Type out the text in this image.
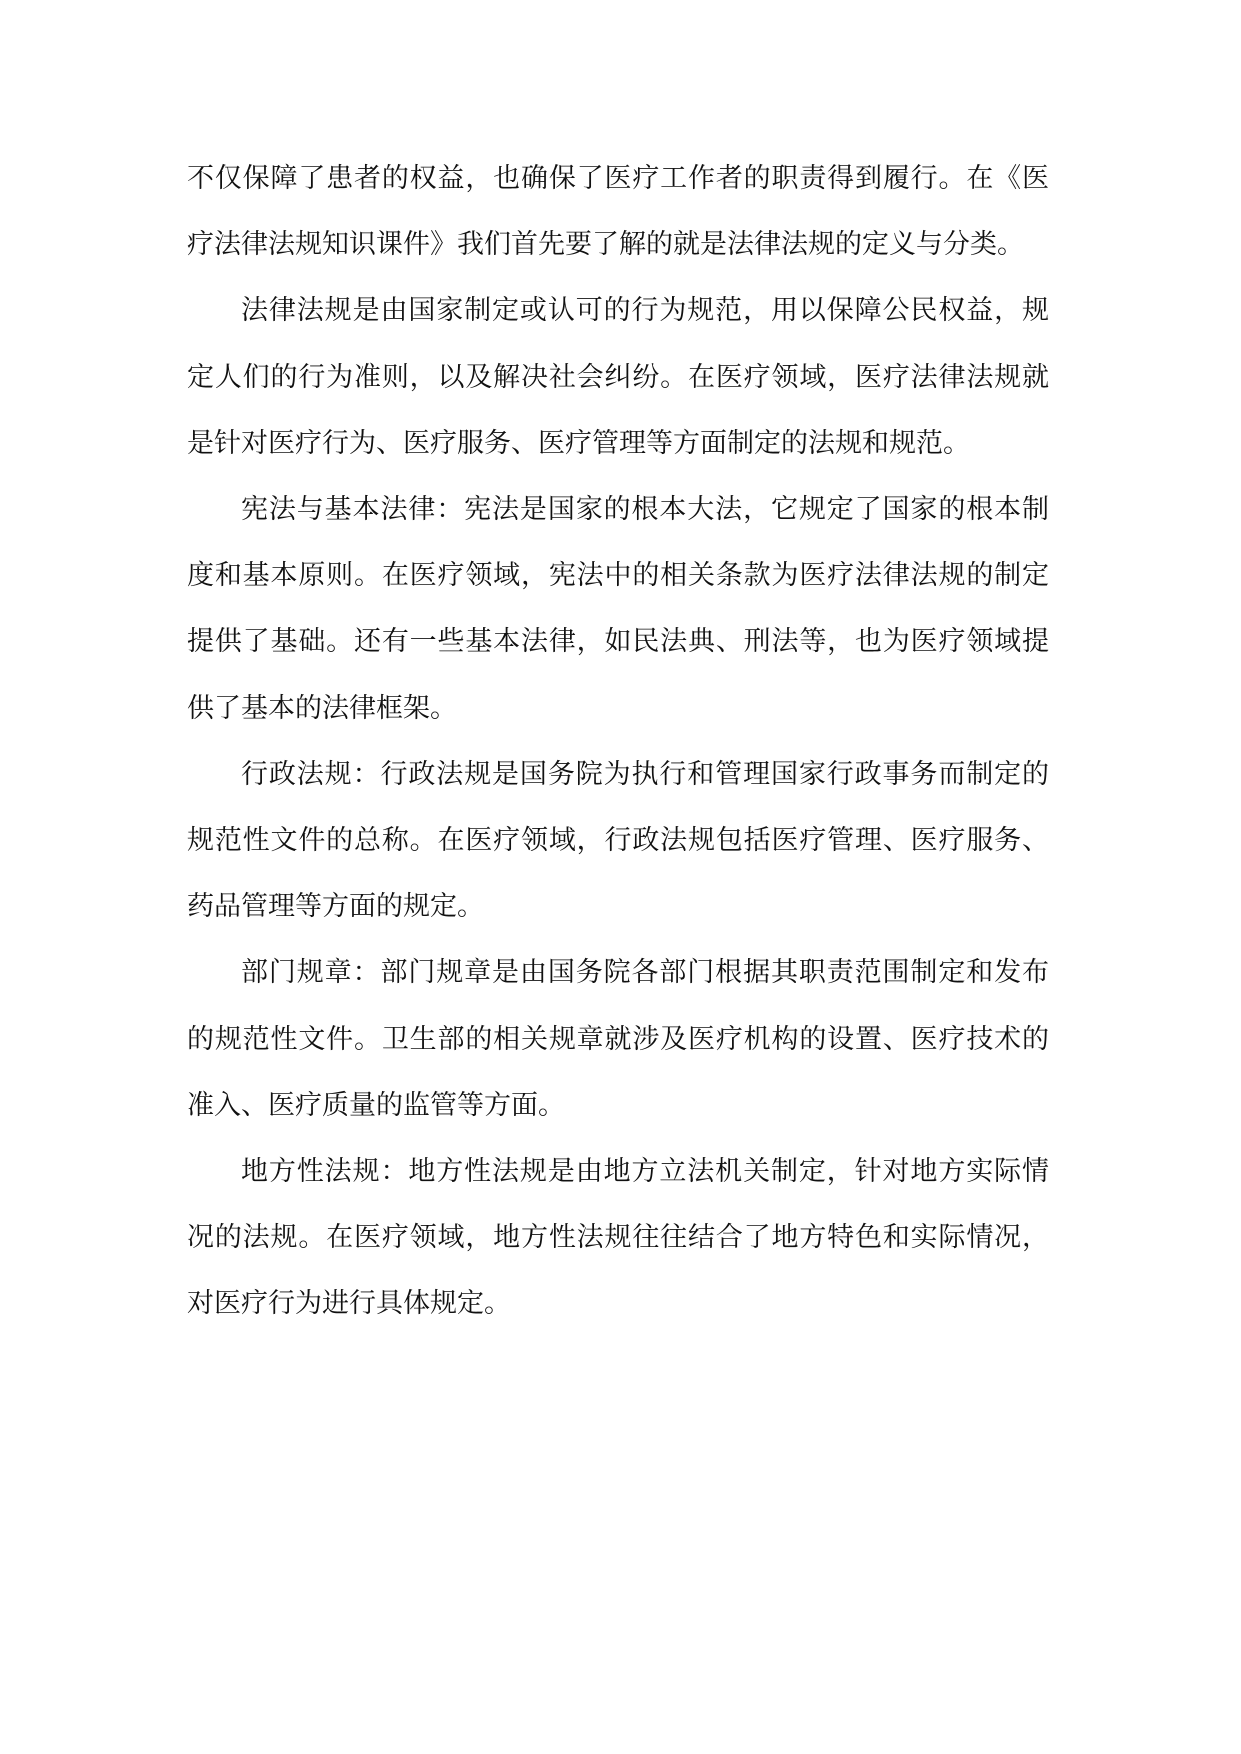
不仅保障了患者的权益，也确保了医疗工作者的职责得到履行。在《医疗法律法规知识课件》我们首先要了解的就是法律法规的定义与分类。

法律法规是由国家制定或认可的行为规范，用以保障公民权益，规定人们的行为准则，以及解决社会纠纷。在医疗领域，医疗法律法规就是针对医疗行为、医疗服务、医疗管理等方面制定的法规和规范。

宪法与基本法律：宪法是国家的根本大法，它规定了国家的根本制度和基本原则。在医疗领域，宪法中的相关条款为医疗法律法规的制定提供了基础。还有一些基本法律，如民法典、刑法等，也为医疗领域提供了基本的法律框架。

行政法规：行政法规是国务院为执行和管理国家行政事务而制定的规范性文件的总称。在医疗领域，行政法规包括医疗管理、医疗服务、药品管理等方面的规定。

部门规章：部门规章是由国务院各部门根据其职责范围制定和发布的规范性文件。卫生部的相关规章就涉及医疗机构的设置、医疗技术的准入、医疗质量的监管等方面。

地方性法规：地方性法规是由地方立法机关制定，针对地方实际情况的法规。在医疗领域，地方性法规往往结合了地方特色和实际情况，对医疗行为进行具体规定。
